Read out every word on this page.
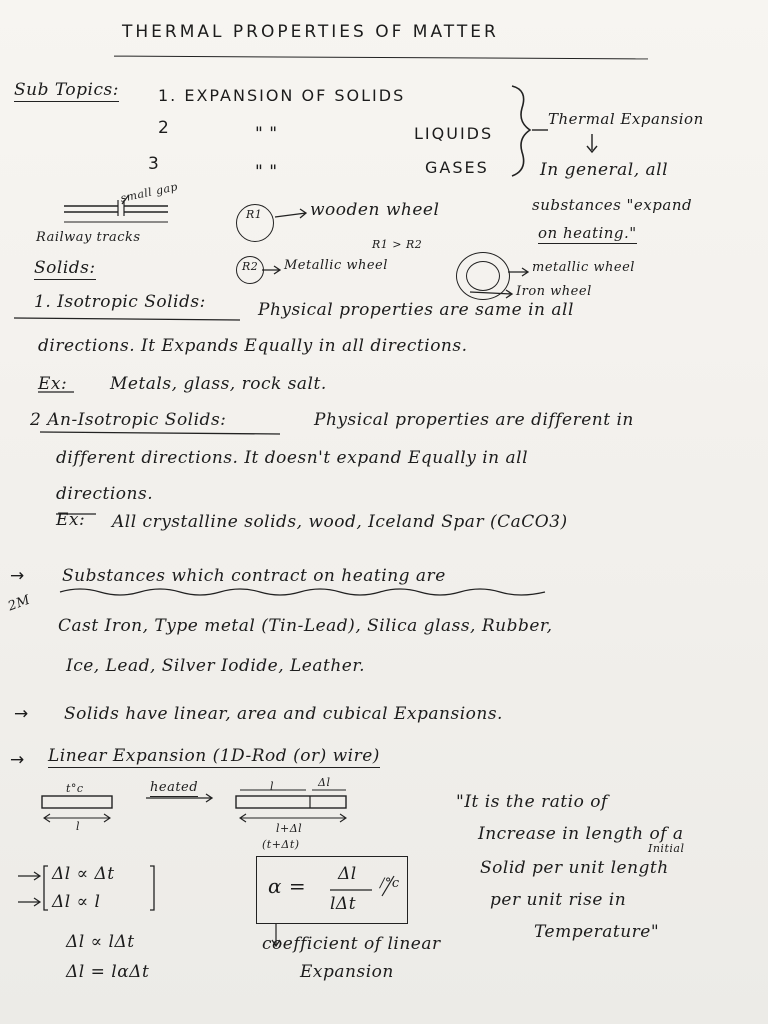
THERMAL PROPERTIES OF MATTER
Sub Topics: 1. EXPANSION OF SOLIDS
2	" "	LIQUIDS
3	" "	GASES
Thermal Expansion
In general, all
substances "expand
on heating."
small gap
Railway tracks
R1	wooden wheel
R2 Metallic wheel
R1 > R2
metallic wheel
Iron wheel
Solids:
1. Isotropic Solids:	Physical properties are same in all
directions. It Expands Equally in all directions.
Ex:	Metals, glass, rock salt.
2 An-Isotropic Solids:	Physical properties are different in
different directions. It doesn't expand Equally in all
directions.
Ex: All crystalline solids, wood, Iceland Spar (CaCO3)
→ Substances which contract on heating are
2M
Cast Iron, Type metal (Tin-Lead), Silica glass, Rubber,
Ice, Lead, Silver Iodide, Leather.
→ Solids have linear, area and cubical Expansions.
→ Linear Expansion (1D-Rod (or) wire)
t°c
l
heated	Δl
l
l+Δl
(t+Δt)
Δl ∝ Δt
Δl ∝ l
α = Δl
lΔt
/°c
coefficient of linear
Expansion
Δl ∝ lΔt
Δl = lαΔt
"It is the ratio of
Increase in length of a
Initial
Solid per unit length
per unit rise in
Temperature"
